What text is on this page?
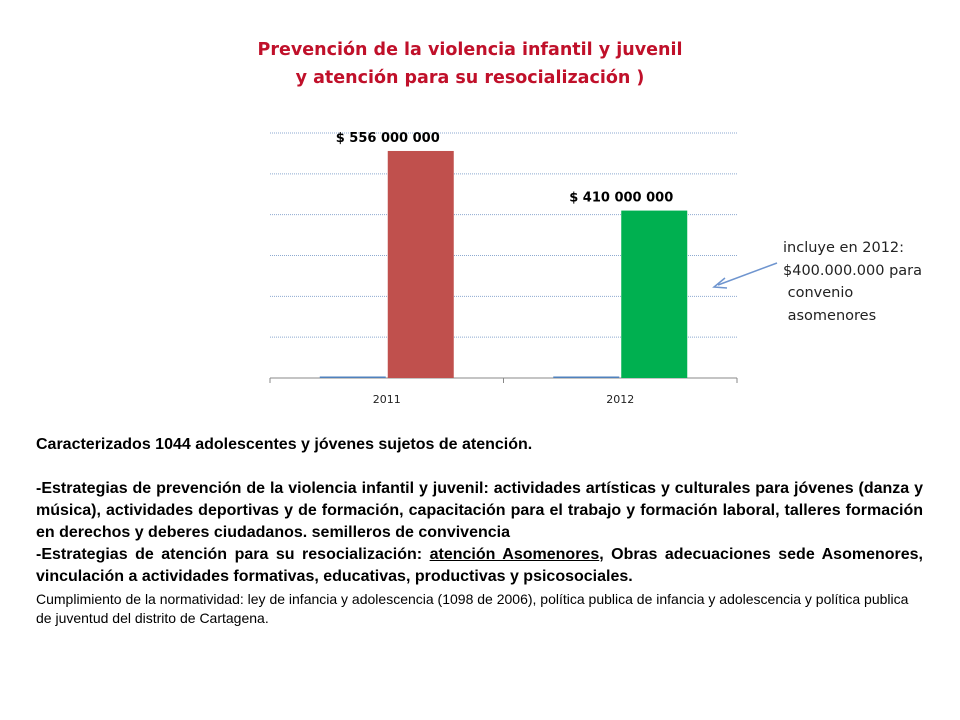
Prevención de la violencia infantil y juvenil
y atención para su resocialización )
$ 556 000 000
2011
$ 410 000 000
2012
incluye en 2012:
$400.000.000 para
convenio
asomenores

Caracterizados 1044 adolescentes y jóvenes sujetos de atención.

-Estrategias de prevención de la violencia infantil y juvenil: actividades artísticas y culturales para jóvenes (danza y música), actividades deportivas y de formación, capacitación para el trabajo y formación laboral, talleres formación en derechos y deberes ciudadanos. semilleros de convivencia

-Estrategias de atención para su resocialización: atención Asomenores, Obras adecuaciones sede Asomenores, vinculación a actividades formativas, educativas, productivas y psicosociales.

Cumplimiento de la normatividad: ley de infancia y adolescencia (1098 de 2006), política publica de infancia y adolescencia y política publica de juventud del distrito de Cartagena.
